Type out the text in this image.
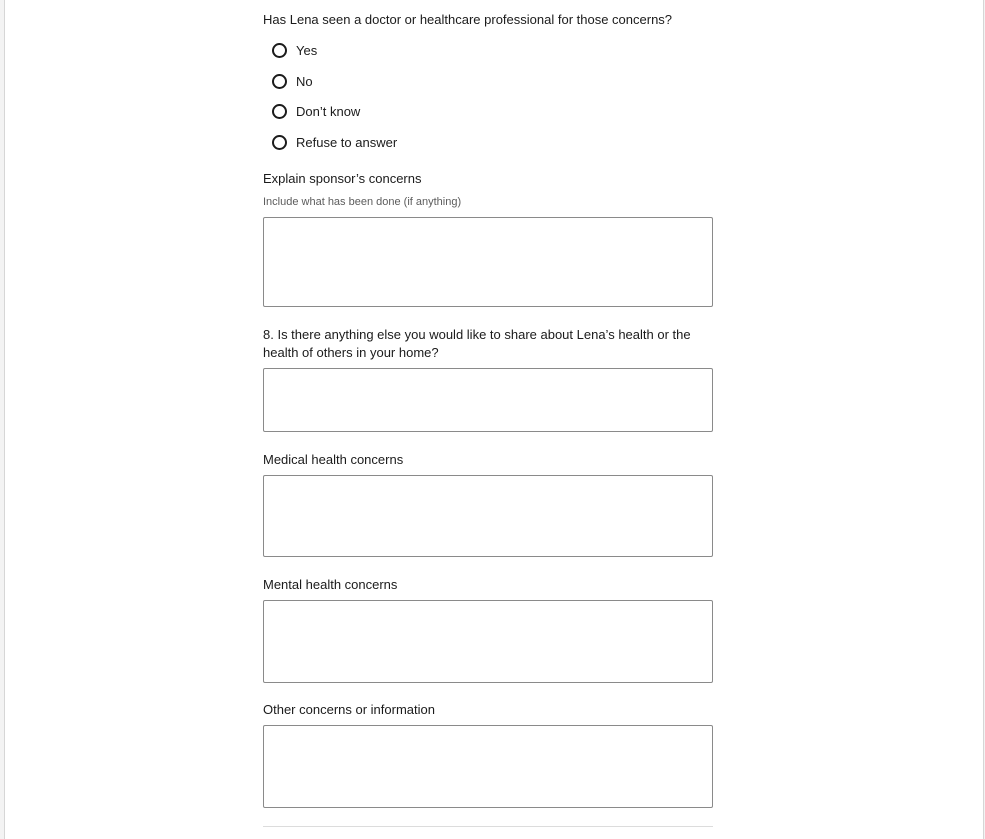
Has Lena seen a doctor or healthcare professional for those concerns?
Yes
No
Don’t know
Refuse to answer
Explain sponsor’s concerns
Include what has been done (if anything)
8. Is there anything else you would like to share about Lena’s health or the health of others in your home?
Medical health concerns
Mental health concerns
Other concerns or information
